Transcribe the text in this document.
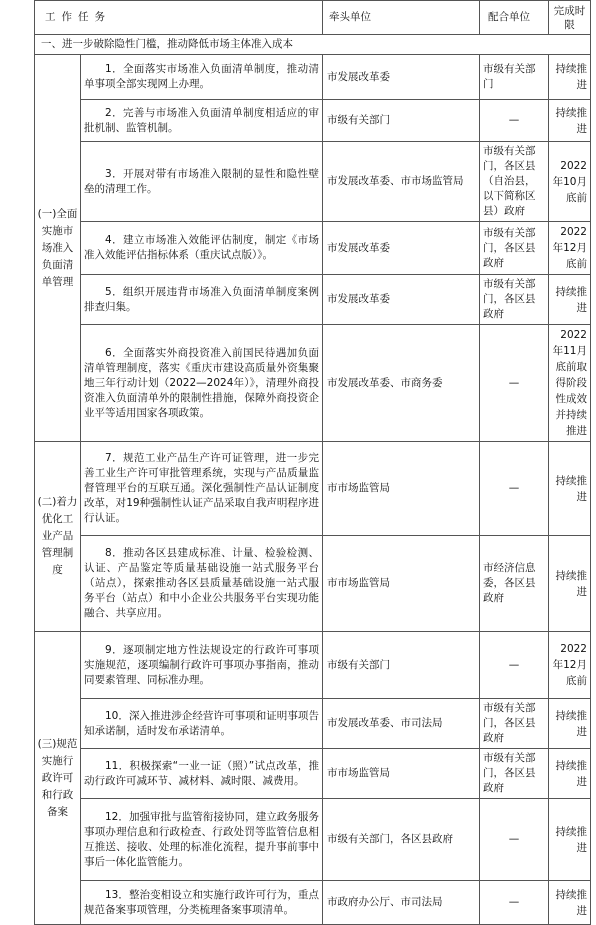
工作任务		牵头单位	配合单位	完成时限
一、进一步破除隐性门槛，推动降低市场主体准入成本				
(一)全面实施市场准入负面清单管理	1．全面落实市场准入负面清单制度，推动清单事项全部实现网上办理。	市发展改革委	市级有关部门	持续推进
	2．完善与市场准入负面清单制度相适应的审批机制、监管机制。	市级有关部门	—	持续推进
	3．开展对带有市场准入限制的显性和隐性壁垒的清理工作。	市发展改革委、市市场监管局	市级有关部门，各区县（自治县，以下简称区县）政府	2022年10月底前
	4．建立市场准入效能评估制度，制定《市场准入效能评估指标体系（重庆试点版）》。	市发展改革委	市级有关部门，各区县政府	2022年12月底前
	5．组织开展违背市场准入负面清单制度案例排查归集。	市发展改革委	市级有关部门，各区县政府	持续推进
	6．全面落实外商投资准入前国民待遇加负面清单管理制度，落实《重庆市建设高质量外资集聚地三年行动计划（2022—2024年）》，清理外商投资准入负面清单外的限制性措施，保障外商投资企业平等适用国家各项政策。	市发展改革委、市商务委	—	2022年11月底前取得阶段性成效并持续推进
(二)着力优化工业产品管理制度	7．规范工业产品生产许可证管理，进一步完善工业生产许可审批管理系统，实现与产品质量监督管理平台的互联互通。深化强制性产品认证制度改革，对19种强制性认证产品采取自我声明程序进行认证。	市市场监管局	—	持续推进
	8．推动各区县建成标准、计量、检验检测、认证、产品鉴定等质量基础设施一站式服务平台（站点），探索推动各区县质量基础设施一站式服务平台（站点）和中小企业公共服务平台实现功能融合、共享应用。	市市场监管局	市经济信息委，各区县政府	持续推进
(三)规范实施行政许可和行政备案	9．逐项制定地方性法规设定的行政许可事项实施规范，逐项编制行政许可事项办事指南，推动同要素管理、同标准办理。	市级有关部门	—	2022年12月底前
	10．深入推进涉企经营许可事项和证明事项告知承诺制，适时发布承诺清单。	市发展改革委、市司法局	市级有关部门，各区县政府	持续推进
	11．积极探索“一业一证（照）”试点改革，推动行政许可减环节、减材料、减时限、减费用。	市市场监管局	市级有关部门，各区县政府	持续推进
	12．加强审批与监管衔接协同，建立政务服务事项办理信息和行政检查、行政处罚等监管信息相互推送、接收、处理的标准化流程，提升事前事中事后一体化监管能力。	市级有关部门，各区县政府	—	持续推进
	13．整治变相设立和实施行政许可行为，重点规范备案事项管理，分类梳理备案事项清单。	市政府办公厅、市司法局	—	持续推进
